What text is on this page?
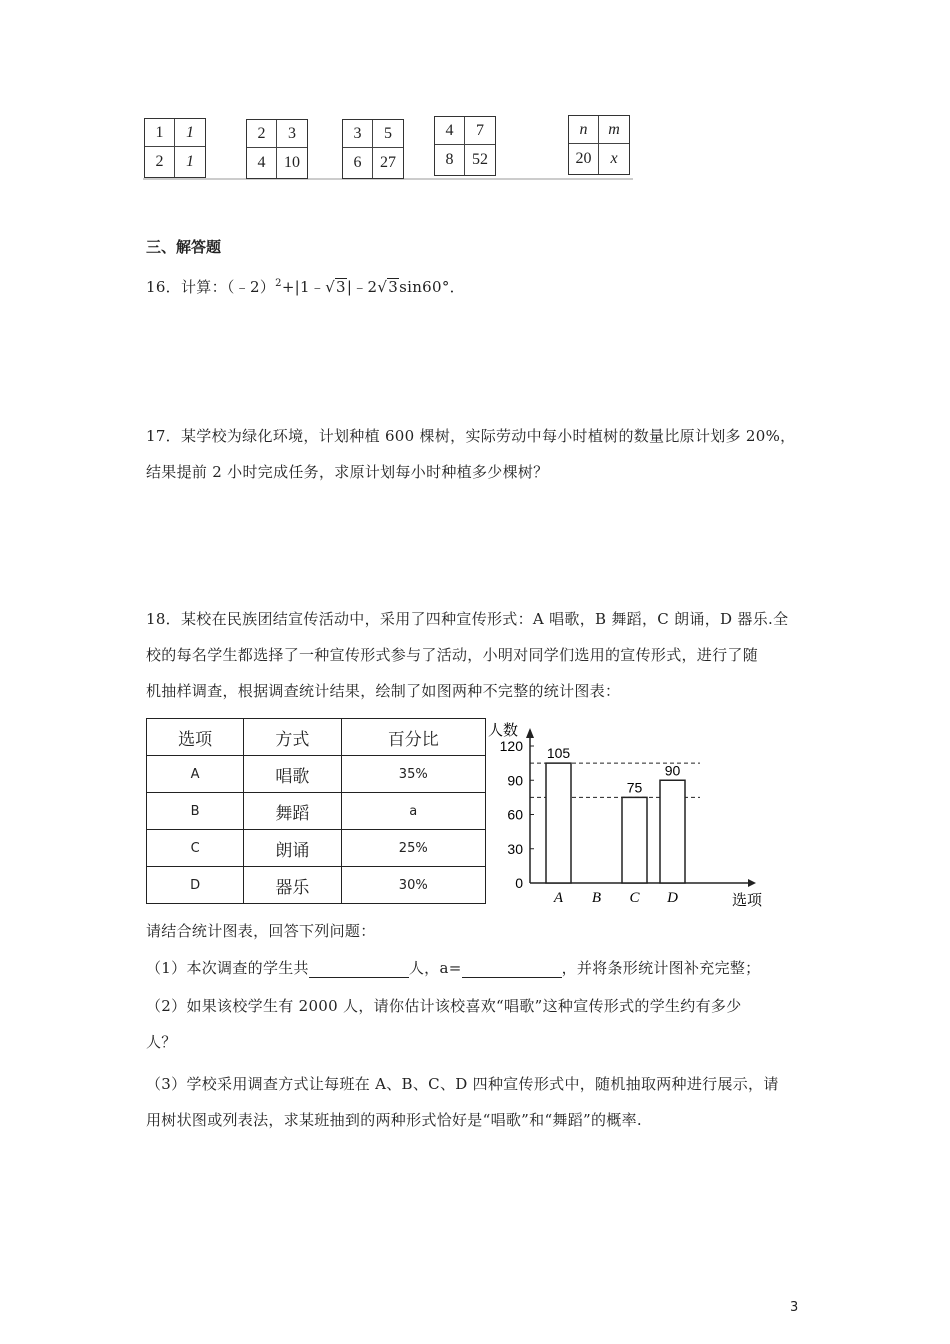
1	1
2	1
2	3
4	10
3	5
6	27
4	7
8	52
n	m
20	x
三、解答题
16．计算：（﹣2）$^2$+|1﹣√3|﹣2√3sin60°．
17．某学校为绿化环境，计划种植 600 棵树，实际劳动中每小时植树的数量比原计划多 20%，
结果提前 2 小时完成任务，求原计划每小时种植多少棵树？
18．某校在民族团结宣传活动中，采用了四种宣传形式：A 唱歌，B 舞蹈，C 朗诵，D 器乐.全
校的每名学生都选择了一种宣传形式参与了活动，小明对同学们选用的宣传形式，进行了随
机抽样调查，根据调查统计结果，绘制了如图两种不完整的统计图表：
选项	方式	百分比
A	唱歌	35%
B	舞蹈	a
C	朗诵	25%
D	器乐	30%
人数
选项
0
30
60
90
120
A
105
B C
75
D
90
请结合统计图表，回答下列问题：
（1）本次调查的学生共	人，a=	，并将条形统计图补充完整；
（2）如果该校学生有 2000 人，请你估计该校喜欢“唱歌”这种宣传形式的学生约有多少
人？
（3）学校采用调查方式让每班在 A、B、C、D 四种宣传形式中，随机抽取两种进行展示，请
用树状图或列表法，求某班抽到的两种形式恰好是“唱歌”和“舞蹈”的概率.
3
